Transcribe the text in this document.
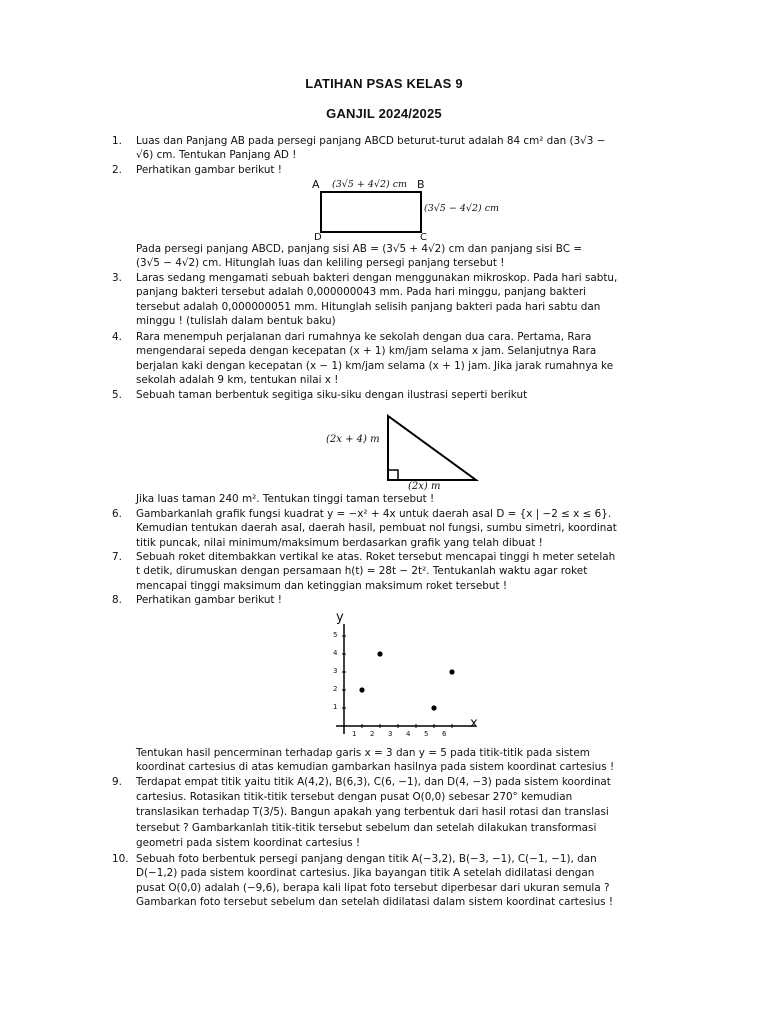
LATIHAN PSAS KELAS 9
GANJIL 2024/2025
1. Luas dan Panjang AB pada persegi panjang ABCD beturut-turut adalah 84 cm² dan (3√3 −

√6) cm. Tentukan Panjang AD !

2. Perhatikan gambar berikut !

A	B
D	C
(3√5 + 4√2) cm
(3√5 − 4√2) cm

Pada persegi panjang ABCD, panjang sisi AB = (3√5 + 4√2) cm dan panjang sisi BC =

(3√5 − 4√2) cm. Hitunglah luas dan keliling persegi panjang tersebut !

3. Laras sedang mengamati sebuah bakteri dengan menggunakan mikroskop. Pada hari sabtu,

panjang bakteri tersebut adalah 0,000000043 mm. Pada hari minggu, panjang bakteri

tersebut adalah 0,000000051 mm. Hitunglah selisih panjang bakteri pada hari sabtu dan

minggu ! (tulislah dalam bentuk baku)

4. Rara menempuh perjalanan dari rumahnya ke sekolah dengan dua cara. Pertama, Rara

mengendarai sepeda dengan kecepatan (x + 1) km/jam selama x jam. Selanjutnya Rara

berjalan kaki dengan kecepatan (x − 1) km/jam selama (x + 1) jam. Jika jarak rumahnya ke

sekolah adalah 9 km, tentukan nilai x !

5. Sebuah taman berbentuk segitiga siku-siku dengan ilustrasi seperti berikut

(2x + 4) m
(2x) m

Jika luas taman 240 m². Tentukan tinggi taman tersebut !

6. Gambarkanlah grafik fungsi kuadrat y = −x² + 4x untuk daerah asal D = {x | −2 ≤ x ≤ 6}.

Kemudian tentukan daerah asal, daerah hasil, pembuat nol fungsi, sumbu simetri, koordinat

titik puncak, nilai minimum/maksimum berdasarkan grafik yang telah dibuat !

7. Sebuah roket ditembakkan vertikal ke atas. Roket tersebut mencapai tinggi h meter setelah

t detik, dirumuskan dengan persamaan h(t) = 28t − 2t². Tentukanlah waktu agar roket

mencapai tinggi maksimum dan ketinggian maksimum roket tersebut !

8. Perhatikan gambar berikut !

y
x
1 2 3 4 5 6
1
2
3
4
5

Tentukan hasil pencerminan terhadap garis x = 3 dan y = 5 pada titik-titik pada sistem

koordinat cartesius di atas kemudian gambarkan hasilnya pada sistem koordinat cartesius !

9. Terdapat empat titik yaitu titik A(4,2), B(6,3), C(6, −1), dan D(4, −3) pada sistem koordinat

cartesius. Rotasikan titik-titik tersebut dengan pusat O(0,0) sebesar 270° kemudian

translasikan terhadap T(3/5). Bangun apakah yang terbentuk dari hasil rotasi dan translasi

tersebut ? Gambarkanlah titik-titik tersebut sebelum dan setelah dilakukan transformasi

geometri pada sistem koordinat cartesius !

10. Sebuah foto berbentuk persegi panjang dengan titik A(−3,2), B(−3, −1), C(−1, −1), dan

D(−1,2) pada sistem koordinat cartesius. Jika bayangan titik A setelah didilatasi dengan

pusat O(0,0) adalah (−9,6), berapa kali lipat foto tersebut diperbesar dari ukuran semula ?

Gambarkan foto tersebut sebelum dan setelah didilatasi dalam sistem koordinat cartesius !
